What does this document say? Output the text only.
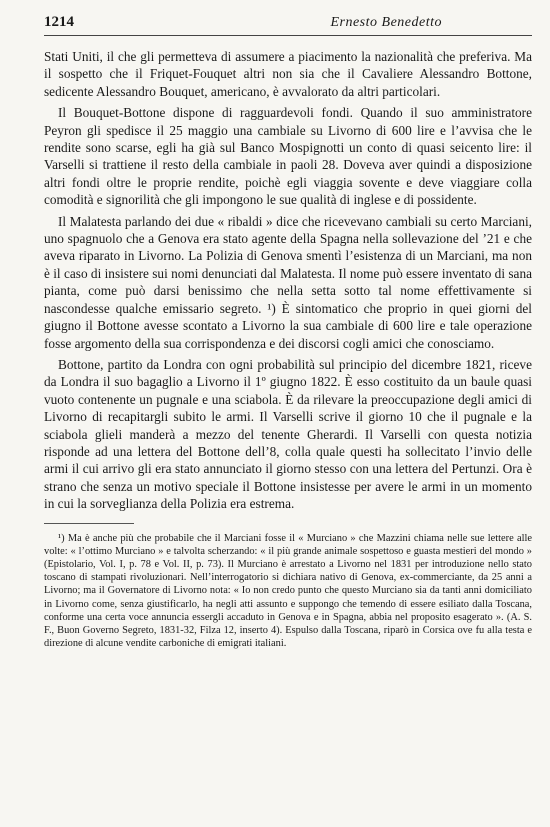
1214	Ernesto Benedetto

Stati Uniti, il che gli permetteva di assumere a piacimento la nazionalità che preferiva. Ma il sospetto che il Friquet-Fouquet altri non sia che il Cavaliere Alessandro Bottone, sedicente Alessandro Bouquet, americano, è avvalorato da altri particolari.

Il Bouquet-Bottone dispone di ragguardevoli fondi. Quando il suo amministratore Peyron gli spedisce il 25 maggio una cambiale su Livorno di 600 lire e l’avvisa che le rendite sono scarse, egli ha già sul Banco Mospignotti un conto di quasi seicento lire: il Varselli si trattiene il resto della cambiale in paoli 28. Doveva aver quindi a disposizione altri fondi oltre le proprie rendite, poichè egli viaggia sovente e deve viaggiare colla comodità e signorilità che gli impongono le sue qualità di inglese e di possidente.

Il Malatesta parlando dei due « ribaldi » dice che ricevevano cambiali su certo Marciani, uno spagnuolo che a Genova era stato agente della Spagna nella sollevazione del ’21 e che aveva riparato in Livorno. La Polizia di Genova smentì l’esistenza di un Marciani, ma non è il caso di insistere sui nomi denunciati dal Malatesta. Il nome può essere inventato di sana pianta, come può darsi benissimo che nella setta sotto tal nome effettivamente si nascondesse qualche emissario segreto. ¹) È sintomatico che proprio in quei giorni del giugno il Bottone avesse scontato a Livorno la sua cambiale di 600 lire e tale operazione fosse argomento della sua corrispondenza e dei discorsi cogli amici che conosciamo.

Bottone, partito da Londra con ogni probabilità sul principio del dicembre 1821, riceve da Londra il suo bagaglio a Livorno il 1º giugno 1822. È esso costituito da un baule quasi vuoto contenente un pugnale e una sciabola. È da rilevare la preoccupazione degli amici di Livorno di recapitargli subito le armi. Il Varselli scrive il giorno 10 che il pugnale e la sciabola glieli manderà a mezzo del tenente Gherardi. Il Varselli con questa notizia risponde ad una lettera del Bottone dell’8, colla quale questi ha sollecitato l’invio delle armi il cui arrivo gli era stato annunciato il giorno stesso con una lettera del Pertunzi. Ora è strano che senza un motivo speciale il Bottone insistesse per avere le armi in un momento in cui la sorveglianza della Polizia era estrema.

¹) Ma è anche più che probabile che il Marciani fosse il « Murciano » che Mazzini chiama nelle sue lettere alle volte: « l’ottimo Murciano » e talvolta scherzando: « il più grande animale sospettoso e guasta mestieri del mondo » (Epistolario, Vol. I, p. 78 e Vol. II, p. 73). Il Murciano è arrestato a Livorno nel 1831 per introduzione nello stato toscano di stampati rivoluzionari. Nell’interrogatorio si dichiara nativo di Genova, ex-commerciante, da 25 anni a Livorno; ma il Governatore di Livorno nota: « Io non credo punto che questo Murciano sia da tanti anni domiciliato in Livorno come, senza giustificarlo, ha negli atti assunto e suppongo che temendo di essere esiliato dalla Toscana, conforme una certa voce annuncia essergli accaduto in Genova e in Spagna, abbia nel proposito esagerato ». (A. S. F., Buon Governo Segreto, 1831-32, Filza 12, inserto 4). Espulso dalla Toscana, riparò in Corsica ove fu alla testa e direzione di alcune vendite carboniche di emigrati italiani.
